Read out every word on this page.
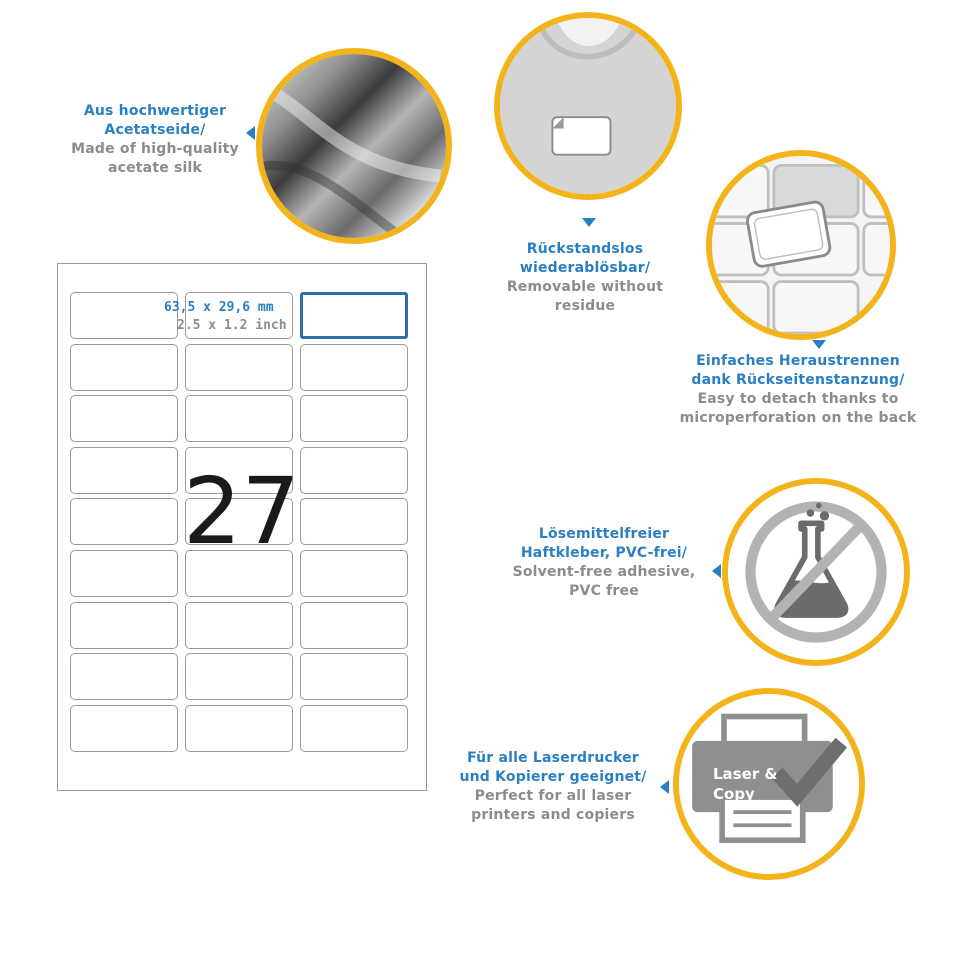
63,5 x 29,6 mm
2.5 x 1.2 inch
27
Aus hochwertiger
Acetatseide/
Made of high-quality
acetate silk
Rückstandslos
wiederablösbar/
Removable without
residue
Einfaches Heraustrennen
dank Rückseitenstanzung/
Easy to detach thanks to
microperforation on the back
Lösemittelfreier
Haftkleber, PVC-frei/
Solvent-free adhesive,
PVC free
Laser &
Copy
Für alle Laserdrucker
und Kopierer geeignet/
Perfect for all laser
printers and copiers
